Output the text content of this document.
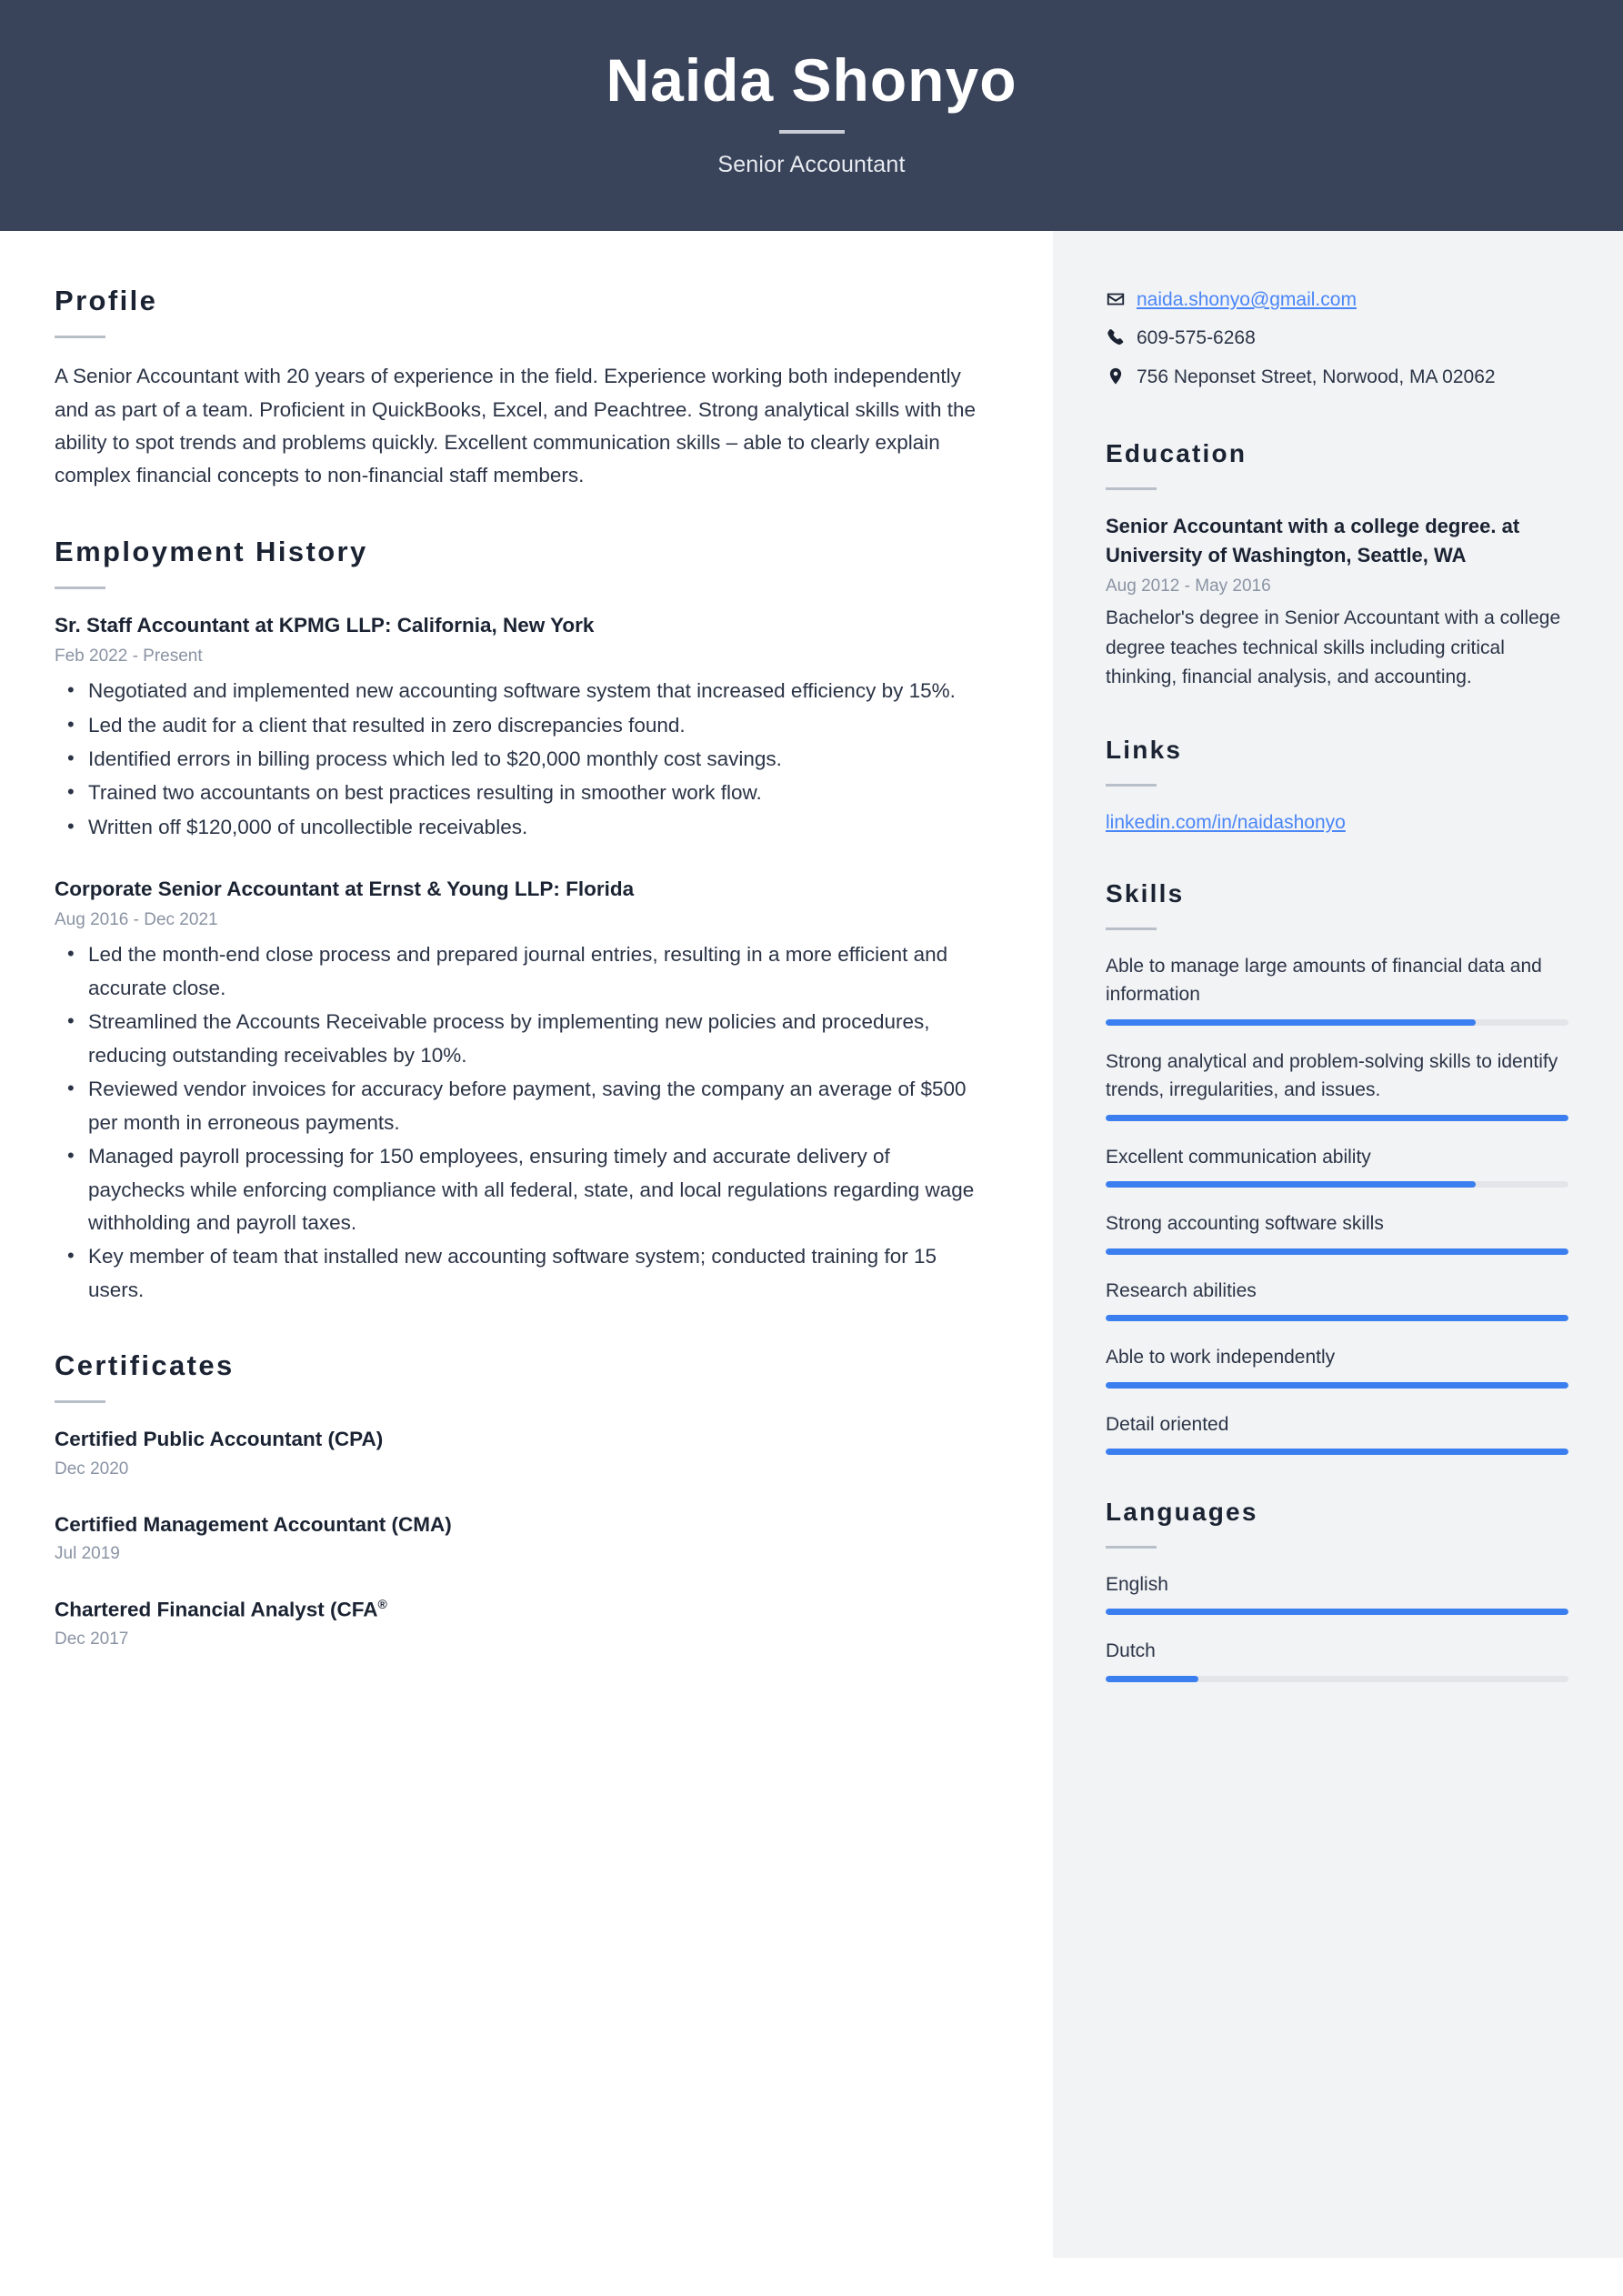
Naida Shonyo
Senior Accountant
Profile
A Senior Accountant with 20 years of experience in the field. Experience working both independently and as part of a team. Proficient in QuickBooks, Excel, and Peachtree. Strong analytical skills with the ability to spot trends and problems quickly. Excellent communication skills – able to clearly explain complex financial concepts to non-financial staff members.
Employment History
Sr. Staff Accountant at KPMG LLP: California, New York
Feb 2022 - Present
• Negotiated and implemented new accounting software system that increased efficiency by 15%.
• Led the audit for a client that resulted in zero discrepancies found.
• Identified errors in billing process which led to $20,000 monthly cost savings.
• Trained two accountants on best practices resulting in smoother work flow.
• Written off $120,000 of uncollectible receivables.
Corporate Senior Accountant at Ernst & Young LLP: Florida
Aug 2016 - Dec 2021
• Led the month-end close process and prepared journal entries, resulting in a more efficient and accurate close.
• Streamlined the Accounts Receivable process by implementing new policies and procedures, reducing outstanding receivables by 10%.
• Reviewed vendor invoices for accuracy before payment, saving the company an average of $500 per month in erroneous payments.
• Managed payroll processing for 150 employees, ensuring timely and accurate delivery of paychecks while enforcing compliance with all federal, state, and local regulations regarding wage withholding and payroll taxes.
• Key member of team that installed new accounting software system; conducted training for 15 users.
Certificates
Certified Public Accountant (CPA)
Dec 2020
Certified Management Accountant (CMA)
Jul 2019
Chartered Financial Analyst (CFA®
Dec 2017
naida.shonyo@gmail.com
609-575-6268
756 Neponset Street, Norwood, MA 02062
Education
Senior Accountant with a college degree. at University of Washington, Seattle, WA
Aug 2012 - May 2016
Bachelor's degree in Senior Accountant with a college degree teaches technical skills including critical thinking, financial analysis, and accounting.
Links
linkedin.com/in/naidashonyo
Skills
Able to manage large amounts of financial data and information
Strong analytical and problem-solving skills to identify trends, irregularities, and issues.
Excellent communication ability
Strong accounting software skills
Research abilities
Able to work independently
Detail oriented
Languages
English
Dutch
